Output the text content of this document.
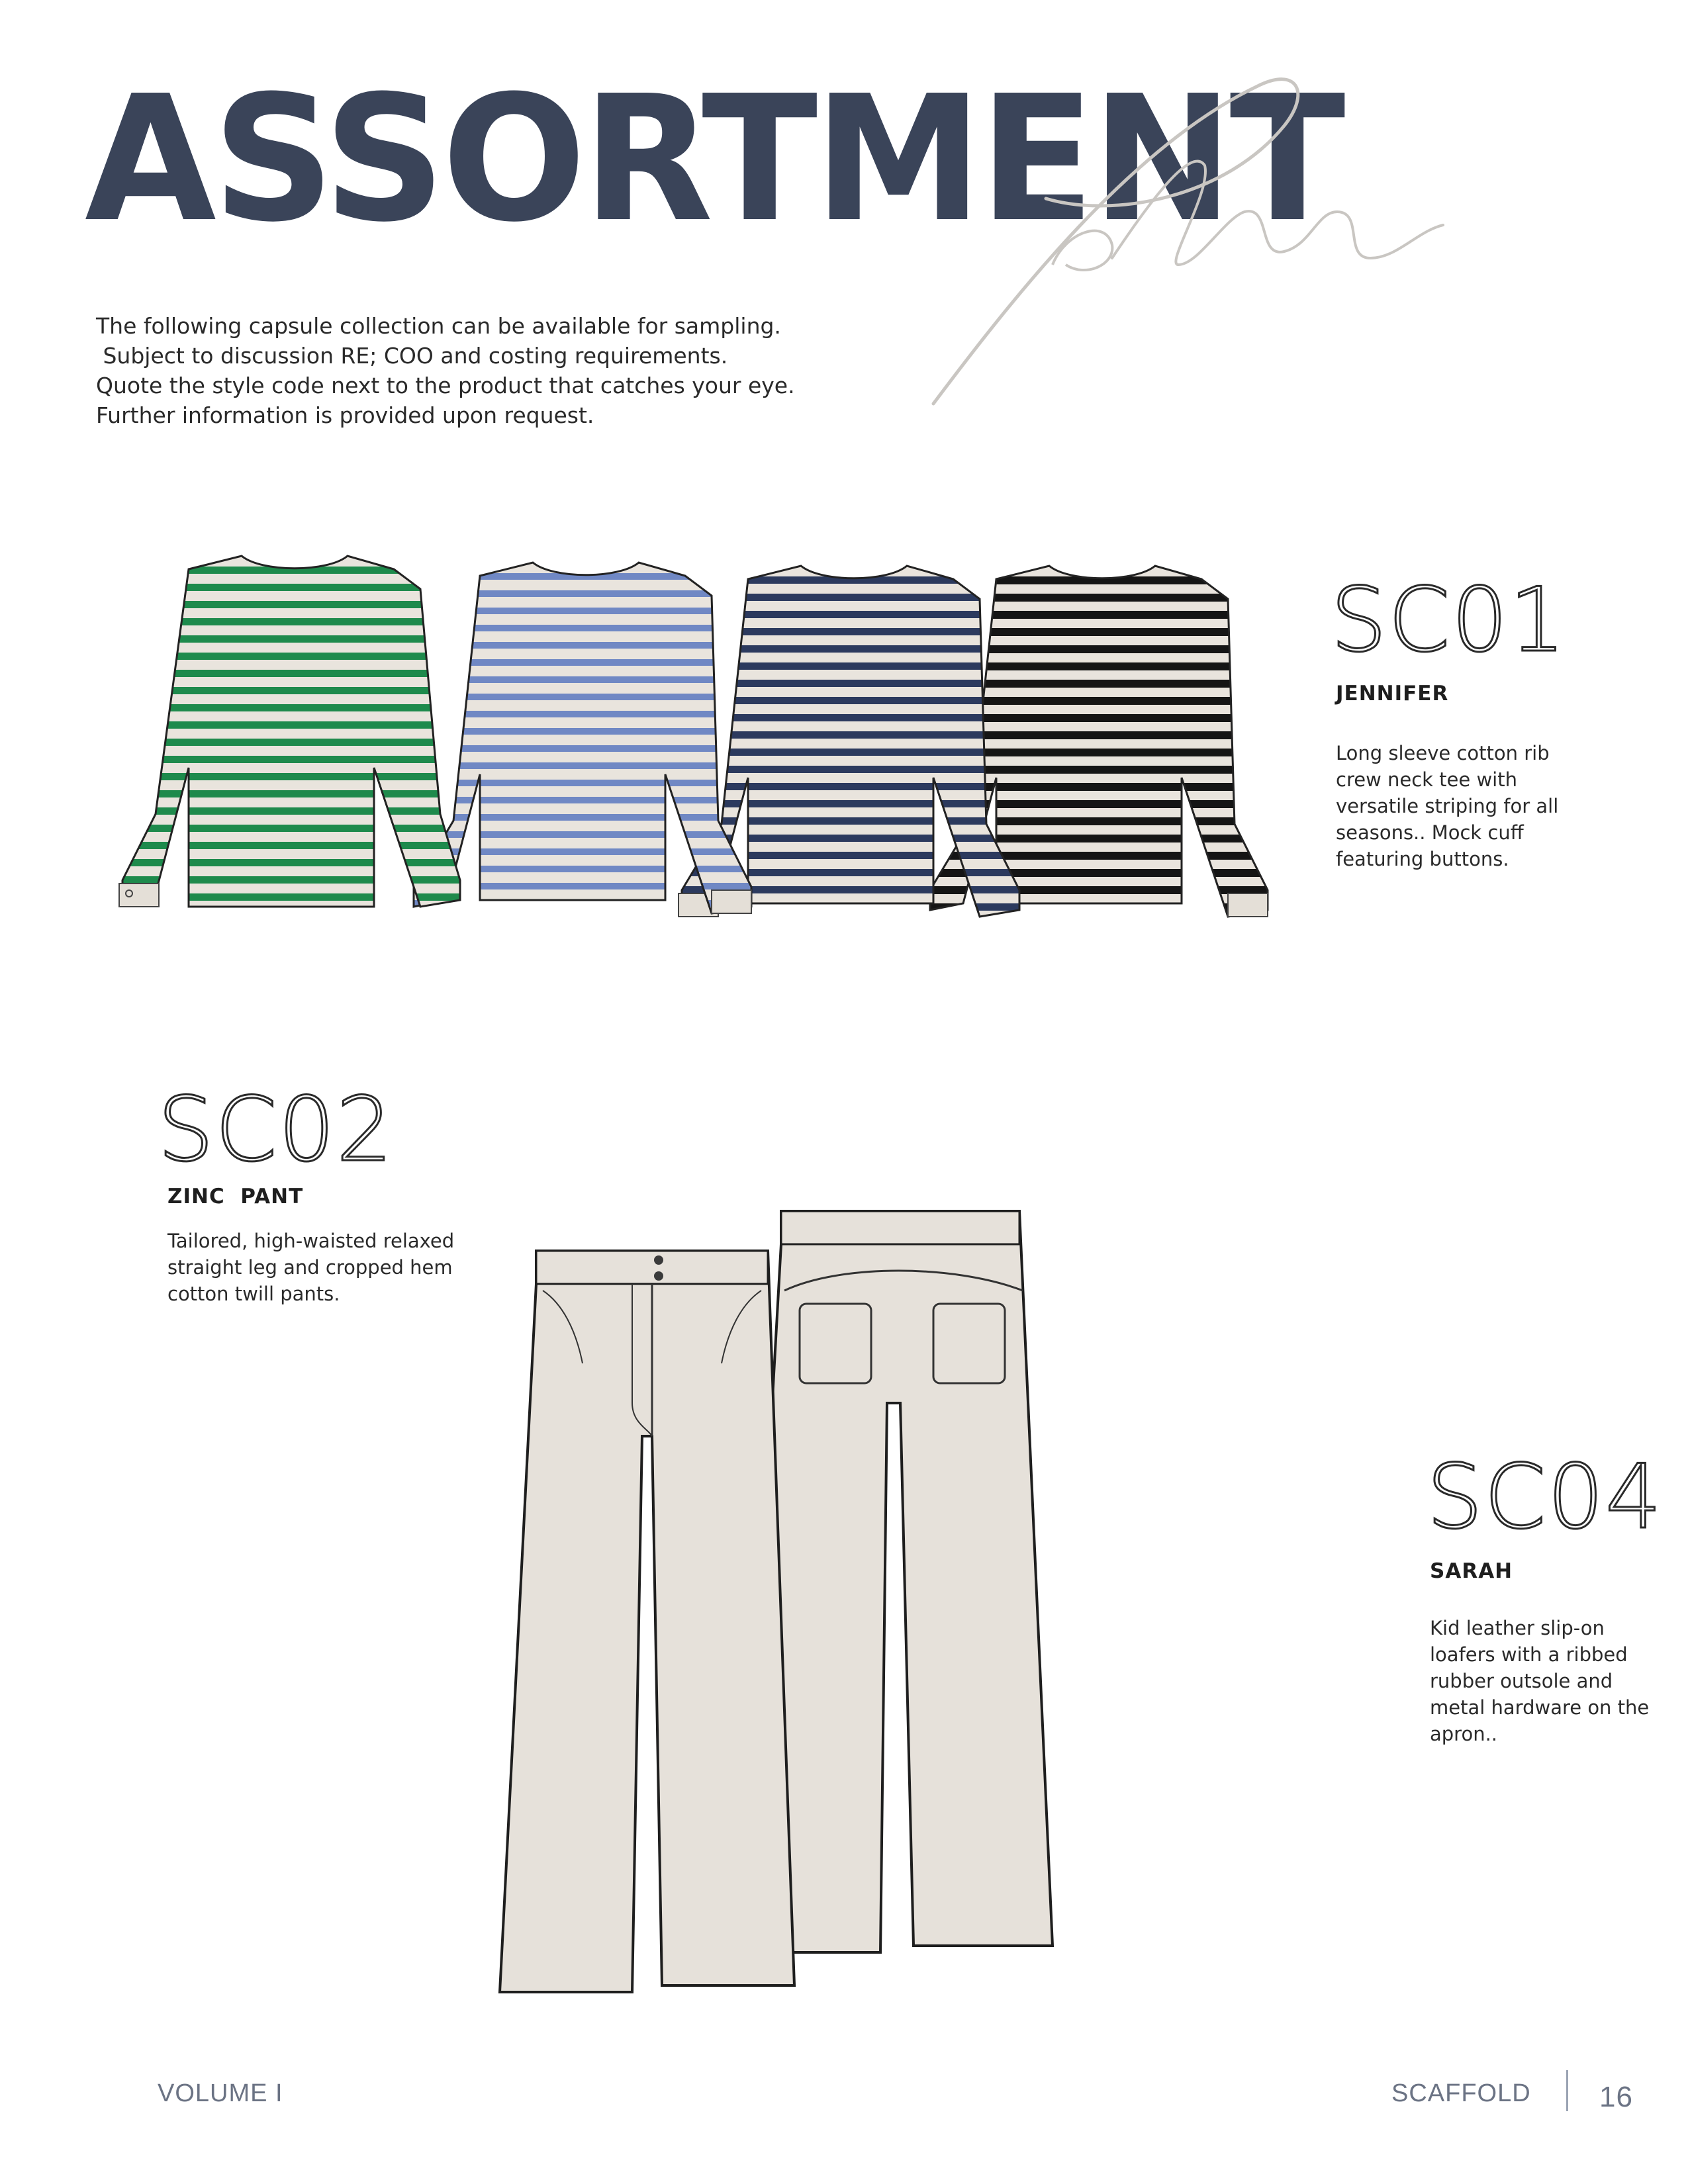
ASSORTMENT
plan
The following capsule collection can be available for sampling.
Subject to discussion RE; COO and costing requirements.
Quote the style code next to the product that catches your eye.
Further information is provided upon request.
SC01
JENNIFER
Long sleeve cotton rib
crew neck tee with
versatile striping for all
seasons.. Mock cuff
featuring buttons.
SC02
ZINC  PANT
Tailored, high-waisted relaxed
straight leg and cropped hem
cotton twill pants.
SC04
SARAH
Kid leather slip-on
loafers with a ribbed
rubber outsole and
metal hardware on the
apron..
VOLUME I	SCAFFOLD 16
